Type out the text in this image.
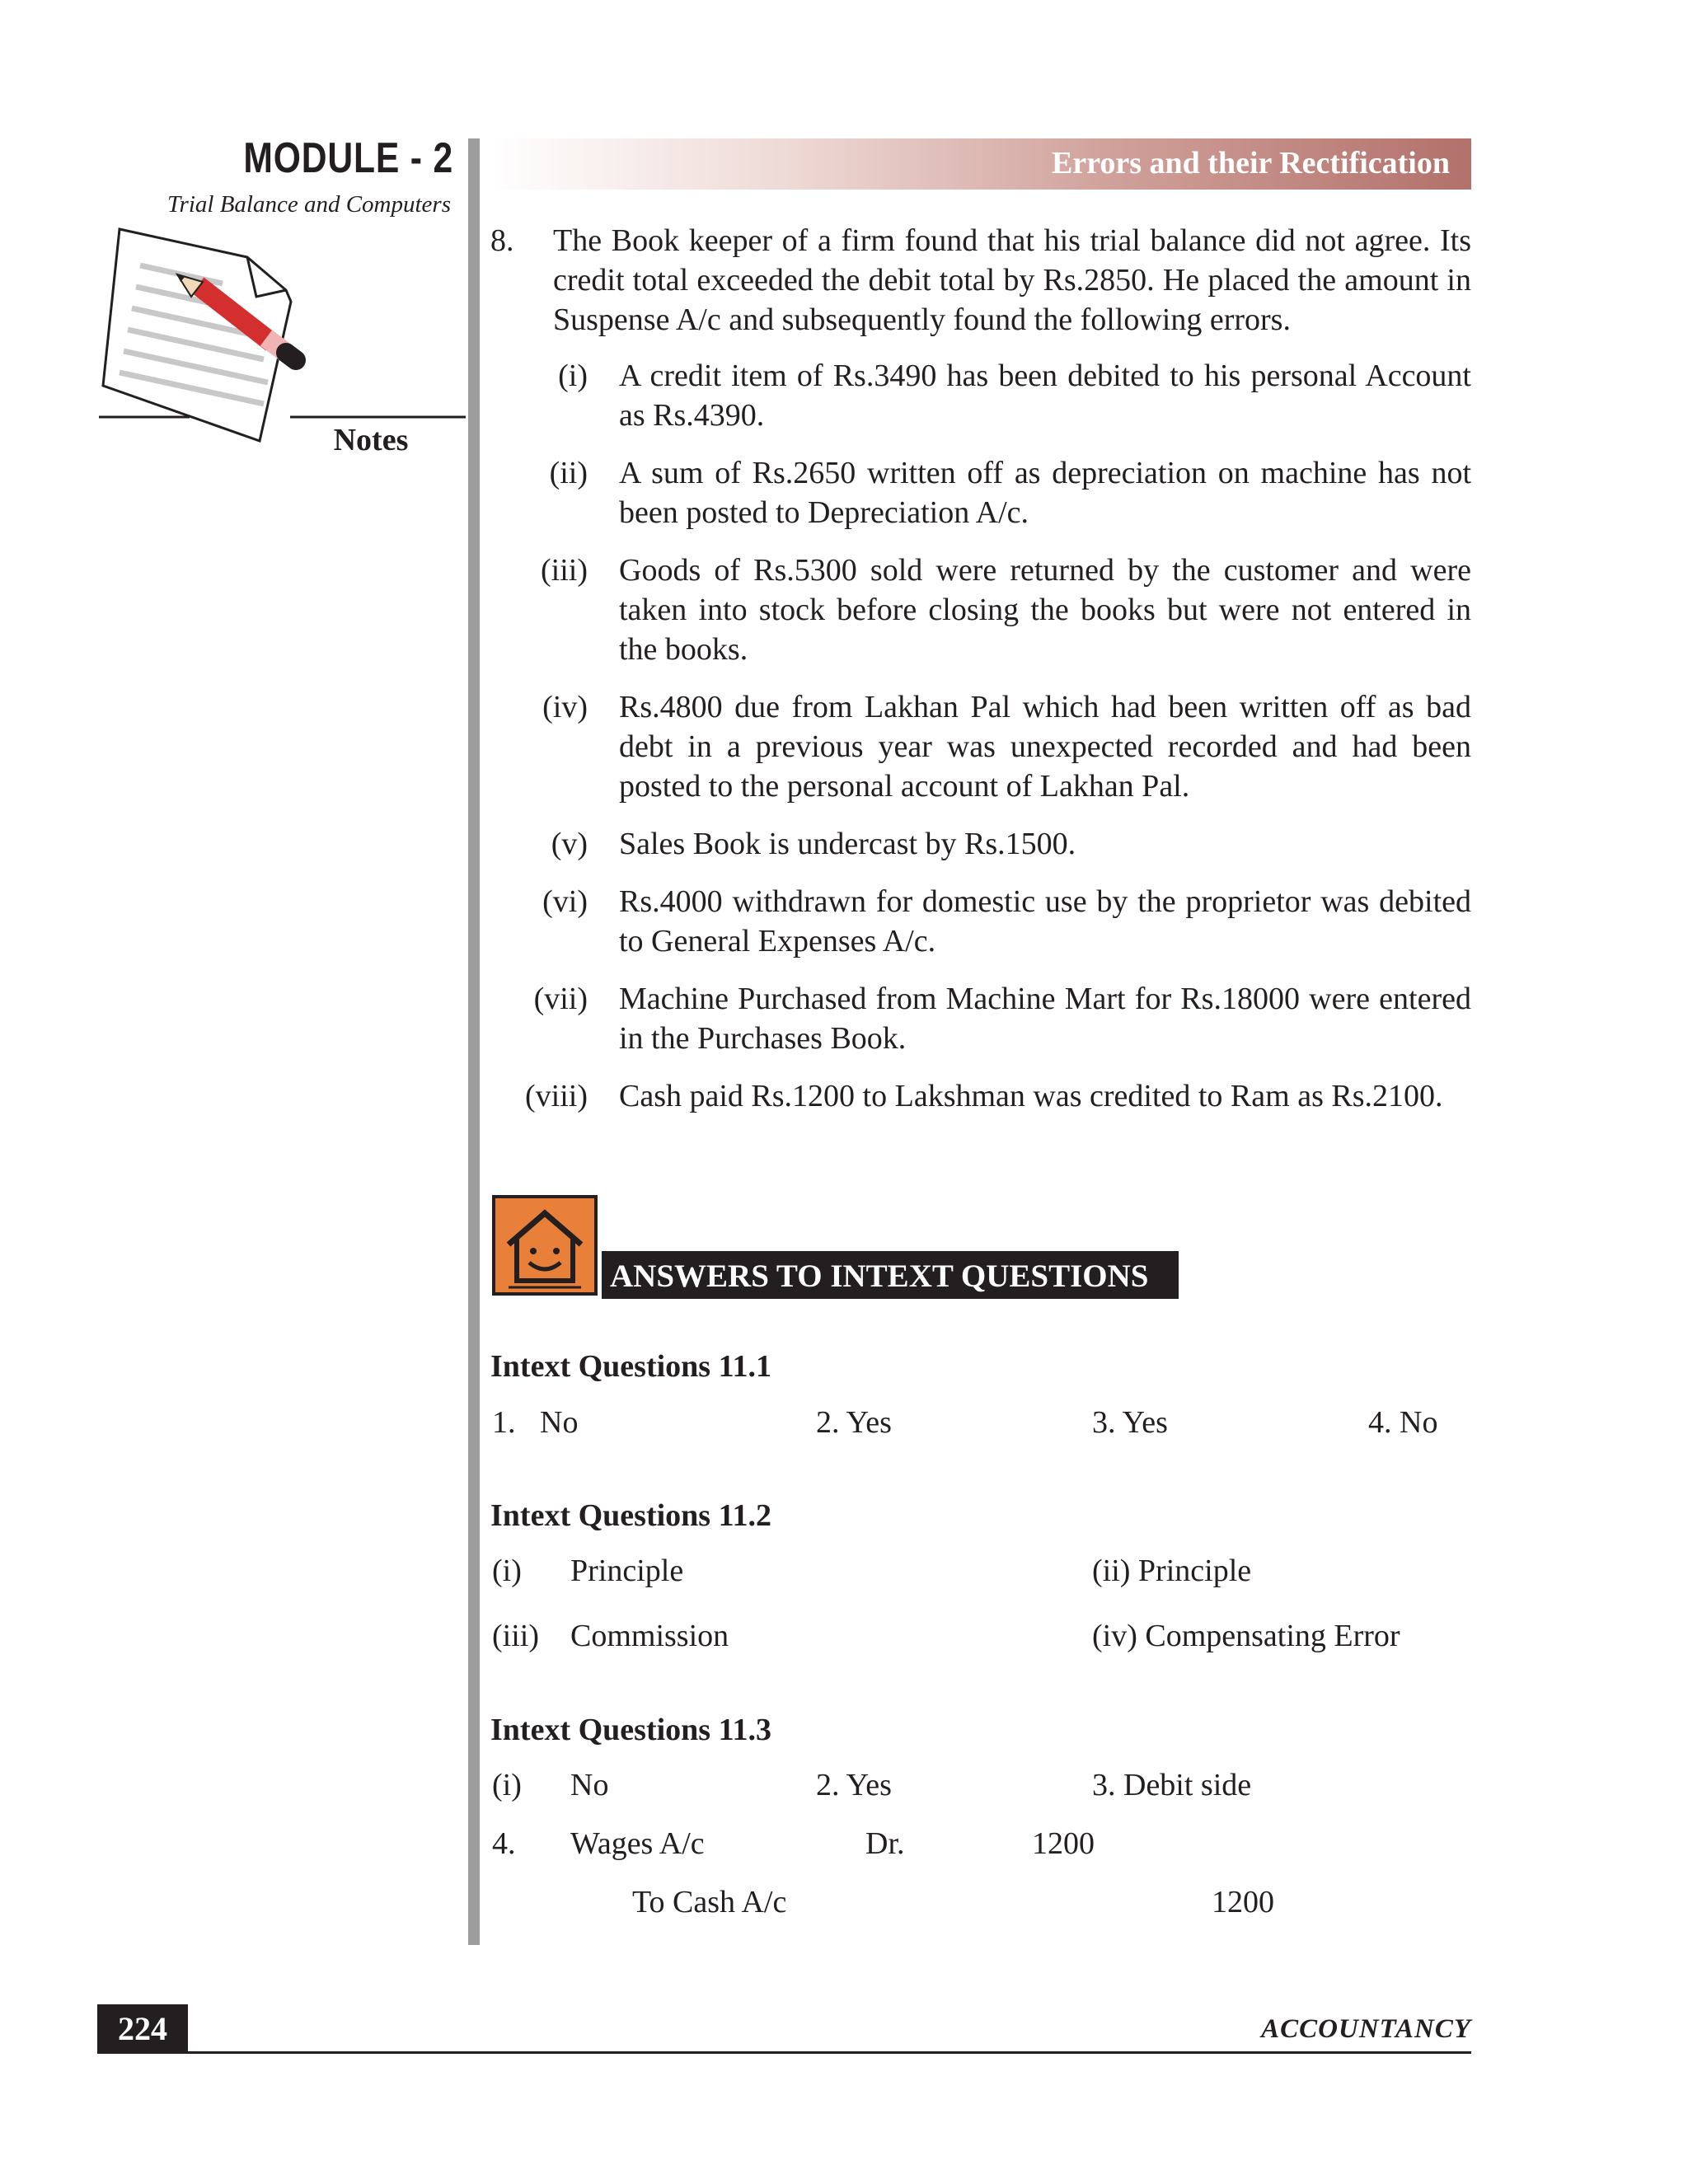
MODULE - 2
Trial Balance and Computers
Notes
Errors and their Rectification
8.	The Book keeper of a firm found that his trial balance did not agree. Its credit total exceeded the debit total by Rs.2850. He placed the amount in Suspense A/c and subsequently found the following errors.
(i)	A credit item of Rs.3490 has been debited to his personal Account as Rs.4390.
(ii)	A sum of Rs.2650 written off as depreciation on machine has not been posted to Depreciation A/c.
(iii)	Goods of Rs.5300 sold were returned by the customer and were taken into stock before closing the books but were not entered in the books.
(iv)	Rs.4800 due from Lakhan Pal which had been written off as bad debt in a previous year was unexpected recorded and had been posted to the personal account of Lakhan Pal.
(v)	Sales Book is undercast by Rs.1500.
(vi)	Rs.4000 withdrawn for domestic use by the proprietor was debited to General Expenses A/c.
(vii)	Machine Purchased from Machine Mart for Rs.18000 were entered in the Purchases Book.
(viii)	Cash paid Rs.1200 to Lakshman was credited to Ram as Rs.2100.
ANSWERS TO INTEXT QUESTIONS
Intext Questions 11.1
1. No	2. Yes	3. Yes	4. No
Intext Questions 11.2
(i) Principle	(ii) Principle
(iii) Commission	(iv) Compensating Error
Intext Questions 11.3
(i) No	2. Yes	3. Debit side
4. Wages A/c	Dr.	1200
To Cash A/c	1200
224	ACCOUNTANCY
